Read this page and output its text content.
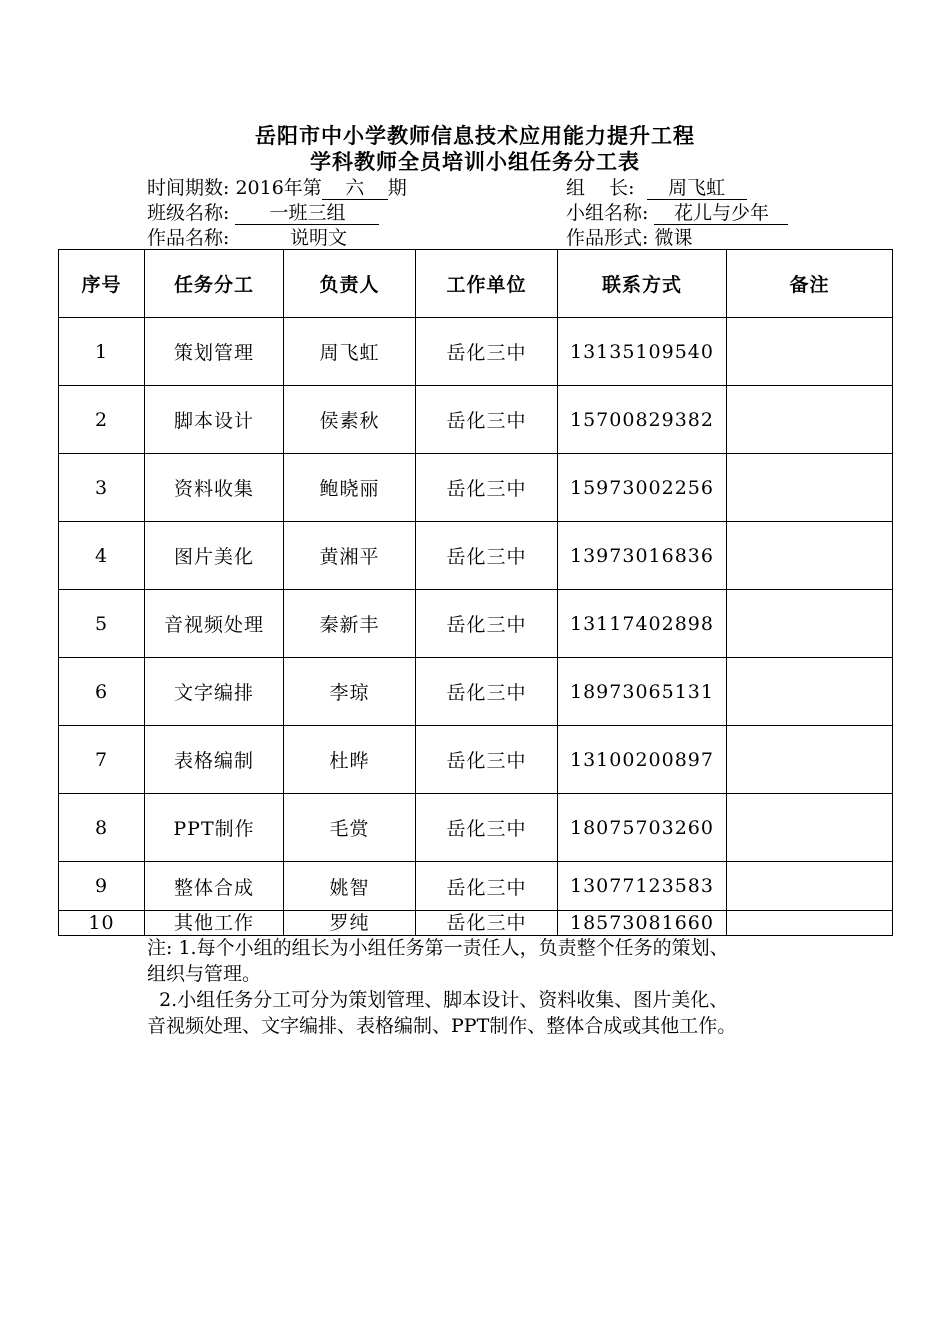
岳阳市中小学教师信息技术应用能力提升工程
学科教师全员培训小组任务分工表
时间期数: 2016年第 六 期	组    长: 周飞虹
班级名称: 一班三组	小组名称: 花儿与少年
作品名称:	说明文	作品形式: 微课
序号	任务分工	负责人	工作单位	联系方式	备注
1	策划管理	周飞虹	岳化三中	13135109540	
2	脚本设计	侯素秋	岳化三中	15700829382	
3	资料收集	鲍晓丽	岳化三中	15973002256	
4	图片美化	黄湘平	岳化三中	13973016836	
5	音视频处理	秦新丰	岳化三中	13117402898	
6	文字编排	李琼	岳化三中	18973065131	
7	表格编制	杜晔	岳化三中	13100200897	
8	PPT制作	毛赏	岳化三中	18075703260	
9	整体合成	姚智	岳化三中	13077123583	
10	其他工作	罗纯	岳化三中	18573081660	

注: 1.每个小组的组长为小组任务第一责任人，负责整个任务的策划、

组织与管理。

2.小组任务分工可分为策划管理、脚本设计、资料收集、图片美化、

音视频处理、文字编排、表格编制、PPT制作、整体合成或其他工作。
